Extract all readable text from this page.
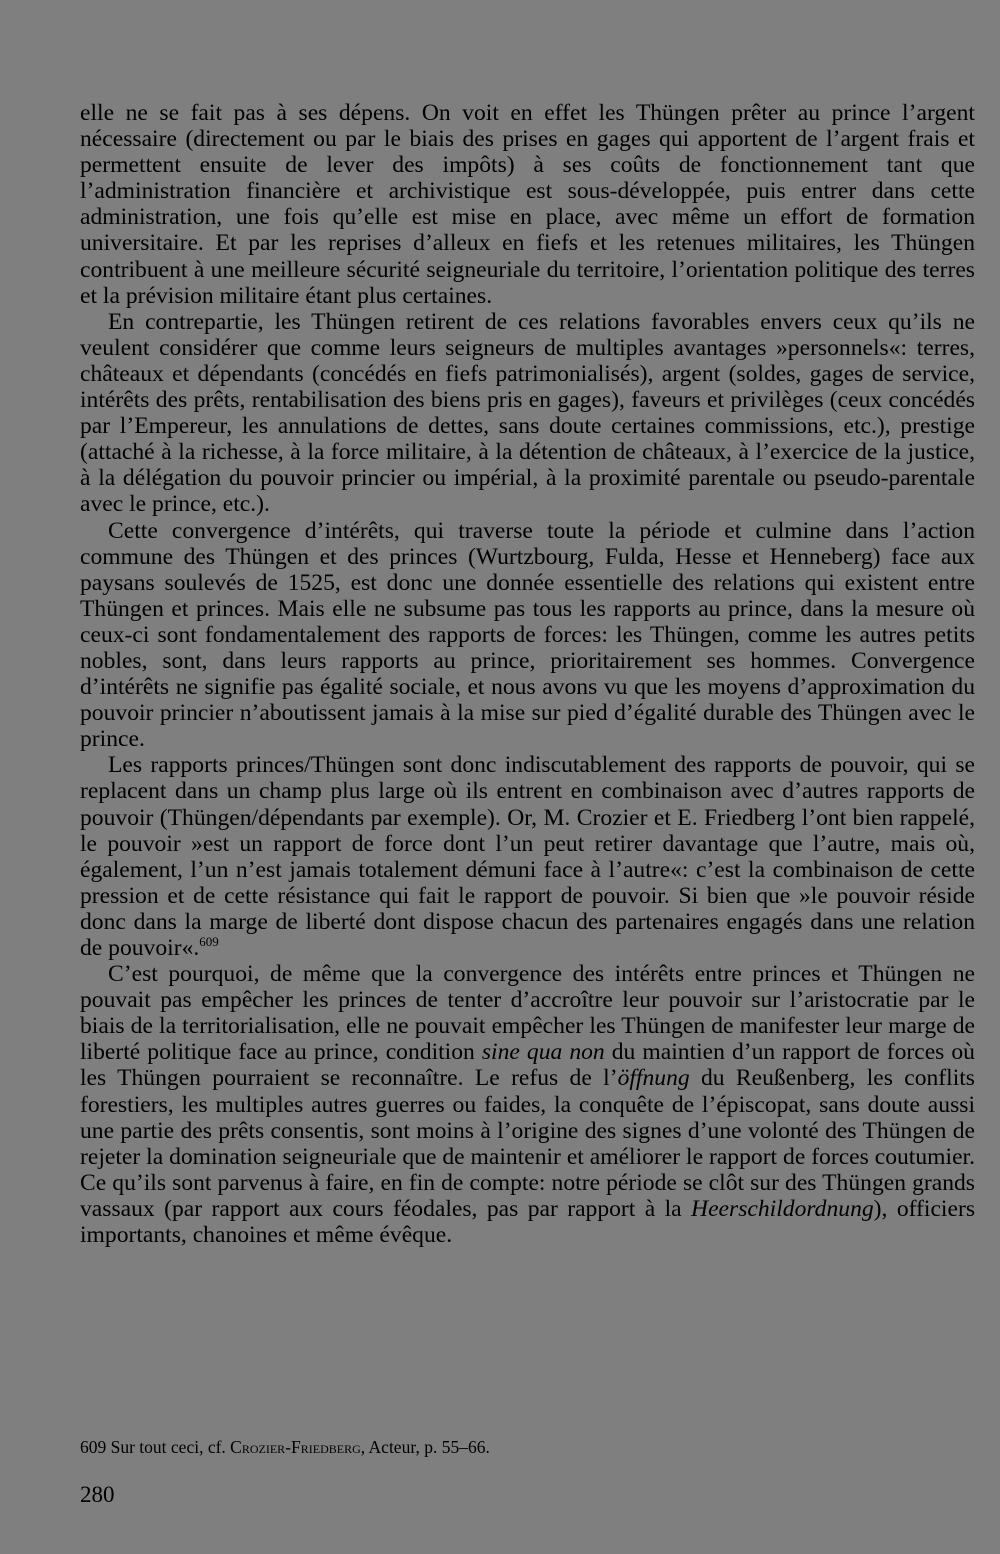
elle ne se fait pas à ses dépens. On voit en effet les Thüngen prêter au prince l’argent nécessaire (directement ou par le biais des prises en gages qui apportent de l’argent frais et permettent ensuite de lever des impôts) à ses coûts de fonctionnement tant que l’administration financière et archivistique est sous-développée, puis entrer dans cette administration, une fois qu’elle est mise en place, avec même un effort de formation universitaire. Et par les reprises d’alleux en fiefs et les retenues militaires, les Thüngen contribuent à une meilleure sécurité seigneuriale du territoire, l’orientation politique des terres et la prévision militaire étant plus certaines.

En contrepartie, les Thüngen retirent de ces relations favorables envers ceux qu’ils ne veulent considérer que comme leurs seigneurs de multiples avantages »personnels«: terres, châteaux et dépendants (concédés en fiefs patrimonialisés), argent (soldes, gages de service, intérêts des prêts, rentabilisation des biens pris en gages), faveurs et privilèges (ceux concédés par l’Empereur, les annulations de dettes, sans doute certaines commissions, etc.), prestige (attaché à la richesse, à la force militaire, à la détention de châteaux, à l’exercice de la justice, à la délégation du pouvoir princier ou impérial, à la proximité parentale ou pseudo-parentale avec le prince, etc.).

Cette convergence d’intérêts, qui traverse toute la période et culmine dans l’action commune des Thüngen et des princes (Wurtzbourg, Fulda, Hesse et Henneberg) face aux paysans soulevés de 1525, est donc une donnée essentielle des relations qui existent entre Thüngen et princes. Mais elle ne subsume pas tous les rapports au prince, dans la mesure où ceux-ci sont fondamentalement des rapports de forces: les Thüngen, comme les autres petits nobles, sont, dans leurs rapports au prince, prioritairement ses hommes. Convergence d’intérêts ne signifie pas égalité sociale, et nous avons vu que les moyens d’approximation du pouvoir princier n’aboutissent jamais à la mise sur pied d’égalité durable des Thüngen avec le prince.

Les rapports princes/Thüngen sont donc indiscutablement des rapports de pouvoir, qui se replacent dans un champ plus large où ils entrent en combinaison avec d’autres rapports de pouvoir (Thüngen/dépendants par exemple). Or, M. Crozier et E. Friedberg l’ont bien rappelé, le pouvoir »est un rapport de force dont l’un peut retirer davantage que l’autre, mais où, également, l’un n’est jamais totalement démuni face à l’autre«: c’est la combinaison de cette pression et de cette résistance qui fait le rapport de pouvoir. Si bien que »le pouvoir réside donc dans la marge de liberté dont dispose chacun des partenaires engagés dans une relation de pouvoir«.$^{609}$

C’est pourquoi, de même que la convergence des intérêts entre princes et Thüngen ne pouvait pas empêcher les princes de tenter d’accroître leur pouvoir sur l’aristocratie par le biais de la territorialisation, elle ne pouvait empêcher les Thüngen de manifester leur marge de liberté politique face au prince, condition sine qua non du maintien d’un rapport de forces où les Thüngen pourraient se reconnaître. Le refus de l’öffnung du Reußenberg, les conflits forestiers, les multiples autres guerres ou faides, la conquête de l’épiscopat, sans doute aussi une partie des prêts consentis, sont moins à l’origine des signes d’une volonté des Thüngen de rejeter la domination seigneuriale que de maintenir et améliorer le rapport de forces coutumier. Ce qu’ils sont parvenus à faire, en fin de compte: notre période se clôt sur des Thüngen grands vassaux (par rapport aux cours féodales, pas par rapport à la Heerschildordnung), officiers importants, chanoines et même évêque.

609 Sur tout ceci, cf. Crozier-Friedberg, Acteur, p. 55–66.
280
